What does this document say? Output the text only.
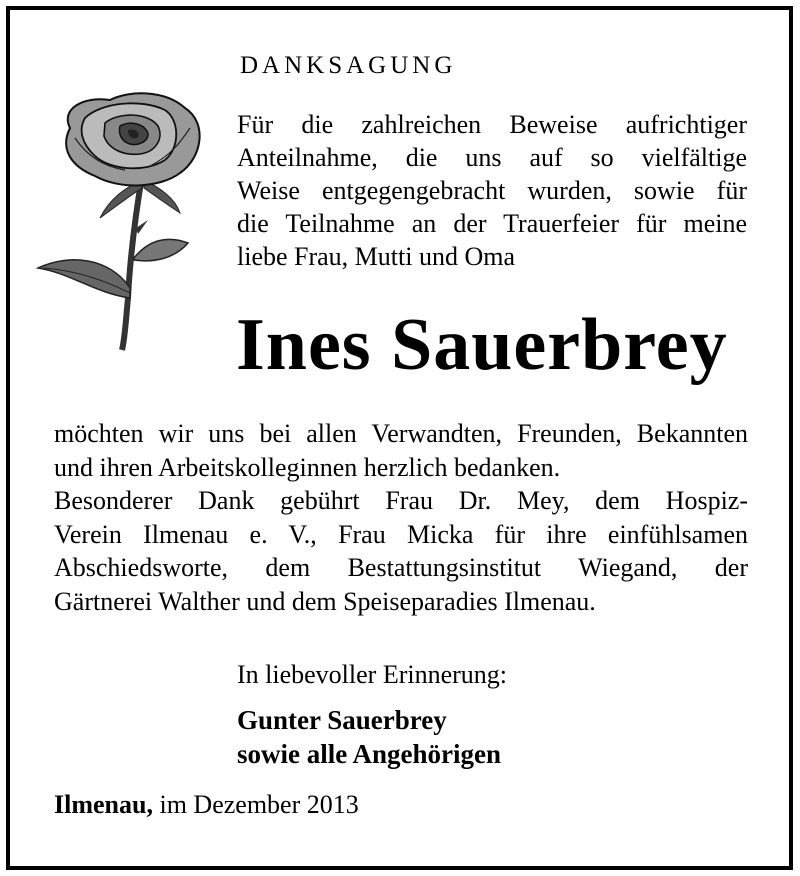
DANKSAGUNG
Für die zahlreichen Beweise aufrichtiger
Anteilnahme, die uns auf so vielfältige
Weise entgegengebracht wurden, sowie für
die Teilnahme an der Trauerfeier für meine
liebe Frau, Mutti und Oma
Ines Sauerbrey
möchten wir uns bei allen Verwandten, Freunden, Bekannten
und ihren Arbeitskolleginnen herzlich bedanken.
Besonderer Dank gebührt Frau Dr. Mey, dem Hospiz-
Verein Ilmenau e. V., Frau Micka für ihre einfühlsamen
Abschiedsworte, dem Bestattungsinstitut Wiegand, der
Gärtnerei Walther und dem Speiseparadies Ilmenau.
In liebevoller Erinnerung:
Gunter Sauerbrey
sowie alle Angehörigen
Ilmenau, im Dezember 2013
